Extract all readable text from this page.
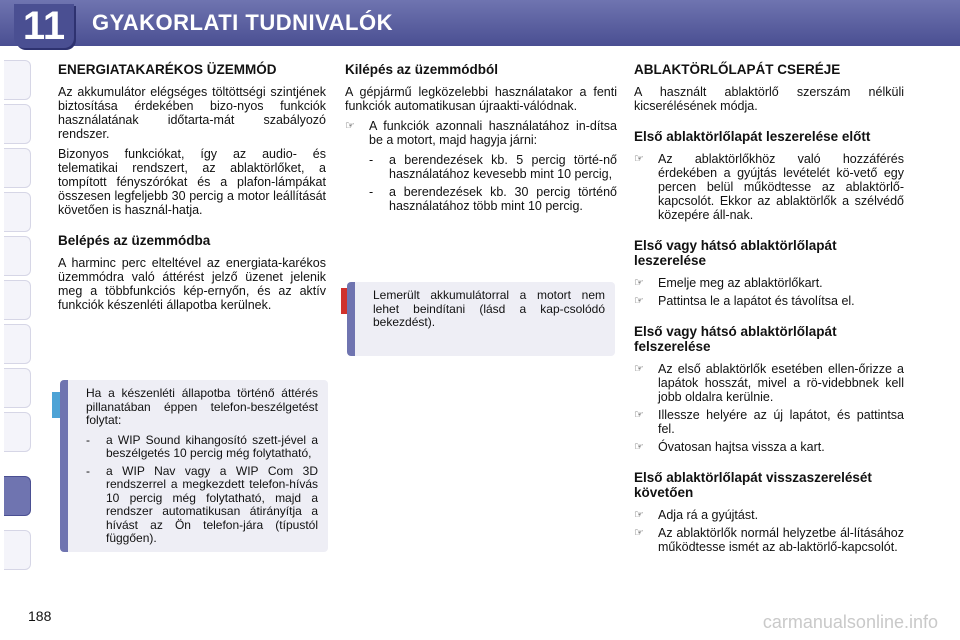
11	GYAKORLATI TUDNIVALÓK
ENERGIATAKARÉKOS ÜZEMMÓD

Az akkumulátor elégséges töltöttségi szintjének biztosítása érdekében bizo-nyos funkciók használatának időtarta-mát szabályozó rendszer.

Bizonyos funkciókat, így az audio- és telematikai rendszert, az ablaktörlőket, a tompított fényszórókat és a plafon-lámpákat összesen legfeljebb 30 percig a motor leállítását követően is használ-hatja.

Belépés az üzemmódba

A harminc perc elteltével az energiata-karékos üzemmódra való áttérést jelző üzenet jelenik meg a többfunkciós kép-ernyőn, és az aktív funkciók készenléti állapotba kerülnek.

Ha a készenléti állapotba történő áttérés pillanatában éppen telefon-beszélgetést folytat:

- a WIP Sound kihangosító szett-jével a beszélgetés 10 percig még folytatható,
- a WIP Nav vagy a WIP Com 3D rendszerrel a megkezdett telefon-hívás 10 percig még folytatható, majd a rendszer automatikusan átirányítja a hívást az Ön telefon-jára (típustól függően).
Kilépés az üzemmódból

A gépjármű legközelebbi használatakor a fenti funkciók automatikusan újraakti-válódnak.

☞ A funkciók azonnali használatához in-dítsa be a motort, majd hagyja járni:
- a berendezések kb. 5 percig törté-nő használatához kevesebb mint 10 percig,
- a berendezések kb. 30 percig történő használatához több mint 10 percig.

Lemerült akkumulátorral a motort nem lehet beindítani (lásd a kap-csolódó bekezdést).

ABLAKTÖRLŐLAPÁT CSERÉJE

A használt ablaktörlő szerszám nélküli kicserélésének módja.

Első ablaktörlőlapát leszerelése előtt
☞ Az ablaktörlőkhöz való hozzáférés érdekében a gyújtás levételét kö-vető egy percen belül működtesse az ablaktörlő-kapcsolót. Ekkor az ablaktörlők a szélvédő közepére áll-nak.
Első vagy hátsó ablaktörlőlapát leszerelése
☞ Emelje meg az ablaktörlőkart.
☞ Pattintsa le a lapátot és távolítsa el.
Első vagy hátsó ablaktörlőlapát felszerelése
☞ Az első ablaktörlők esetében ellen-őrizze a lapátok hosszát, mivel a rö-videbbnek kell jobb oldalra kerülnie.
☞ Illessze helyére az új lapátot, és pattintsa fel.
☞ Óvatosan hajtsa vissza a kart.
Első ablaktörlőlapát visszaszerelését követően
☞ Adja rá a gyújtást.
☞ Az ablaktörlők normál helyzetbe ál-lításához működtesse ismét az ab-laktörlő-kapcsolót.
188	carmanualsonline.info
